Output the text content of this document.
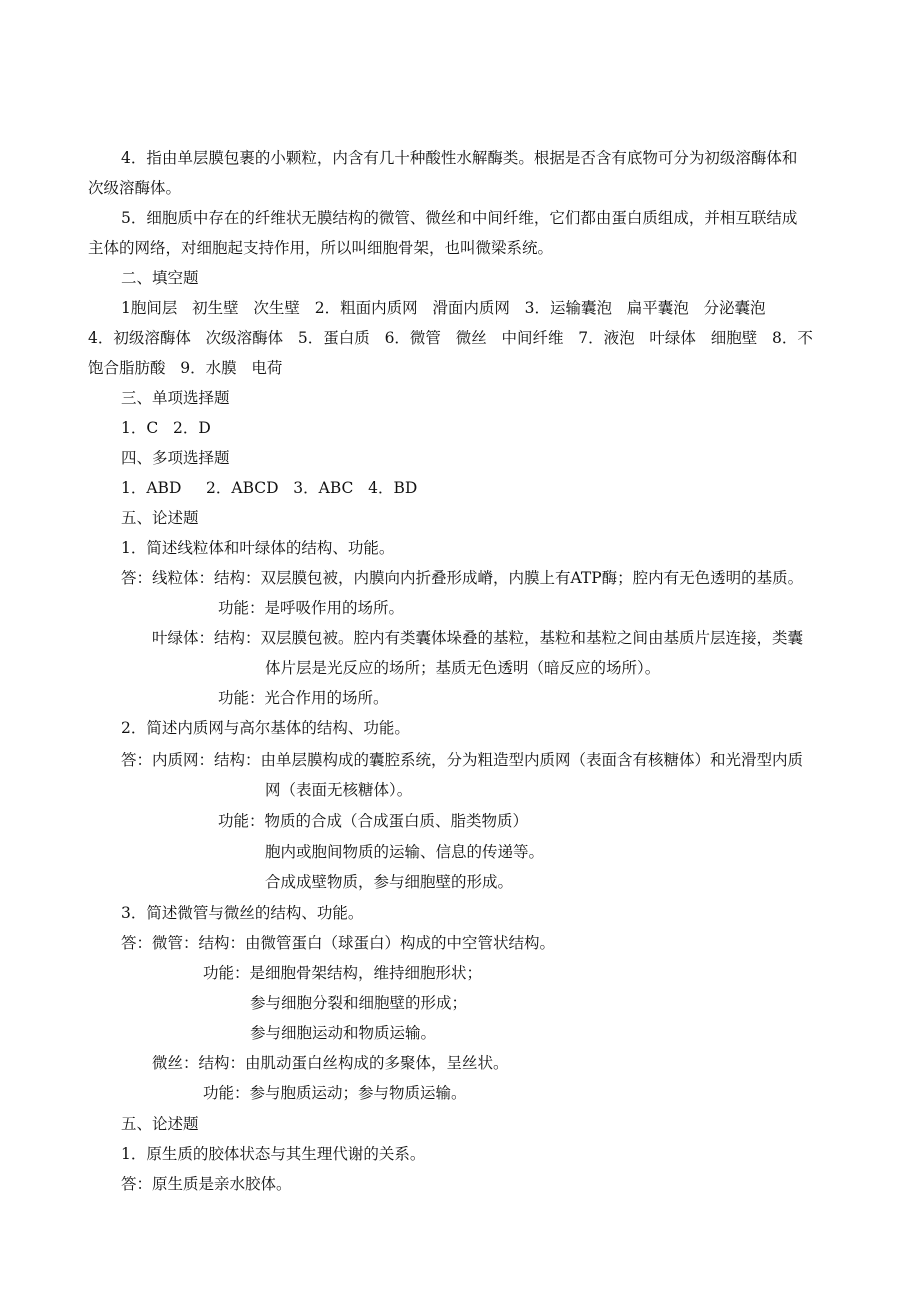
4．指由单层膜包裹的小颗粒，内含有几十种酸性水解酶类。根据是否含有底物可分为初级溶酶体和
次级溶酶体。
5．细胞质中存在的纤维状无膜结构的微管、微丝和中间纤维，它们都由蛋白质组成，并相互联结成
主体的网络，对细胞起支持作用，所以叫细胞骨架，也叫微梁系统。
二、填空题
1胞间层   初生壁   次生壁   2．粗面内质网   滑面内质网   3．运输囊泡   扁平囊泡   分泌囊泡
4．初级溶酶体   次级溶酶体   5．蛋白质   6．微管   微丝   中间纤维   7．液泡   叶绿体   细胞壁   8．不
饱合脂肪酸   9．水膜   电荷
三、单项选择题
1．C   2．D
四、多项选择题
1．ABD     2．ABCD   3．ABC   4．BD
五、论述题
1．简述线粒体和叶绿体的结构、功能。
答：线粒体：结构：双层膜包被，内膜向内折叠形成嵴，内膜上有ATP酶；腔内有无色透明的基质。
功能：是呼吸作用的场所。
叶绿体：结构：双层膜包被。腔内有类囊体垛叠的基粒，基粒和基粒之间由基质片层连接，类囊
体片层是光反应的场所；基质无色透明（暗反应的场所）。
功能：光合作用的场所。
2．简述内质网与高尔基体的结构、功能。
答：内质网：结构：由单层膜构成的囊腔系统，分为粗造型内质网（表面含有核糖体）和光滑型内质
网（表面无核糖体）。
功能：物质的合成（合成蛋白质、脂类物质）
胞内或胞间物质的运输、信息的传递等。
合成成壁物质，参与细胞壁的形成。
3．简述微管与微丝的结构、功能。
答：微管：结构：由微管蛋白（球蛋白）构成的中空管状结构。
功能：是细胞骨架结构，维持细胞形状；
参与细胞分裂和细胞壁的形成；
参与细胞运动和物质运输。
微丝：结构：由肌动蛋白丝构成的多聚体，呈丝状。
功能：参与胞质运动；参与物质运输。
五、论述题
1．原生质的胶体状态与其生理代谢的关系。
答：原生质是亲水胶体。
